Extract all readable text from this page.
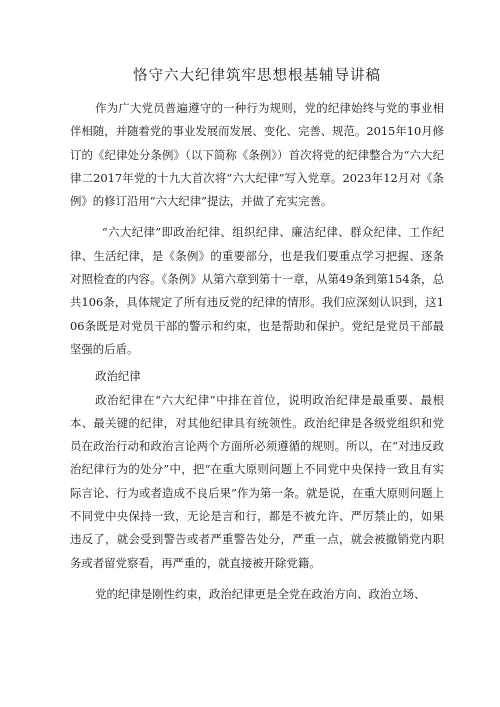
恪守六大纪律筑牢思想根基辅导讲稿

作为广大党员普遍遵守的一种行为规则，党的纪律始终与党的事业相伴相随，并随着党的事业发展而发展、变化、完善、规范。2015年10月修订的《纪律处分条例》（以下简称《条例》）首次将党的纪律整合为“六大纪律二2017年党的十九大首次将“六大纪律”写入党章。2023年12月对《条例》的修订沿用“六大纪律”提法，并做了充实完善。

“六大纪律”即政治纪律、组织纪律、廉洁纪律、群众纪律、工作纪律、生活纪律，是《条例》的重要部分，也是我们要重点学习把握、逐条对照检查的内容。《条例》从第六章到第十一章，从第49条到第154条，总共106条，具体规定了所有违反党的纪律的情形。我们应深刻认识到，这106条既是对党员干部的警示和约束，也是帮助和保护。党纪是党员干部最坚强的后盾。

政治纪律

政治纪律在“六大纪律”中排在首位，说明政治纪律是最重要、最根本、最关键的纪律，对其他纪律具有统领性。政治纪律是各级党组织和党员在政治行动和政治言论两个方面所必须遵循的规则。所以，在“对违反政治纪律行为的处分”中，把“在重大原则问题上不同党中央保持一致且有实际言论、行为或者造成不良后果”作为第一条。就是说，在重大原则问题上不同党中央保持一致，无论是言和行，都是不被允许、严厉禁止的，如果违反了，就会受到警告或者严重警告处分，严重一点，就会被撤销党内职务或者留党察看，再严重的，就直接被开除党籍。

党的纪律是刚性约束，政治纪律更是全党在政治方向、政治立场、
